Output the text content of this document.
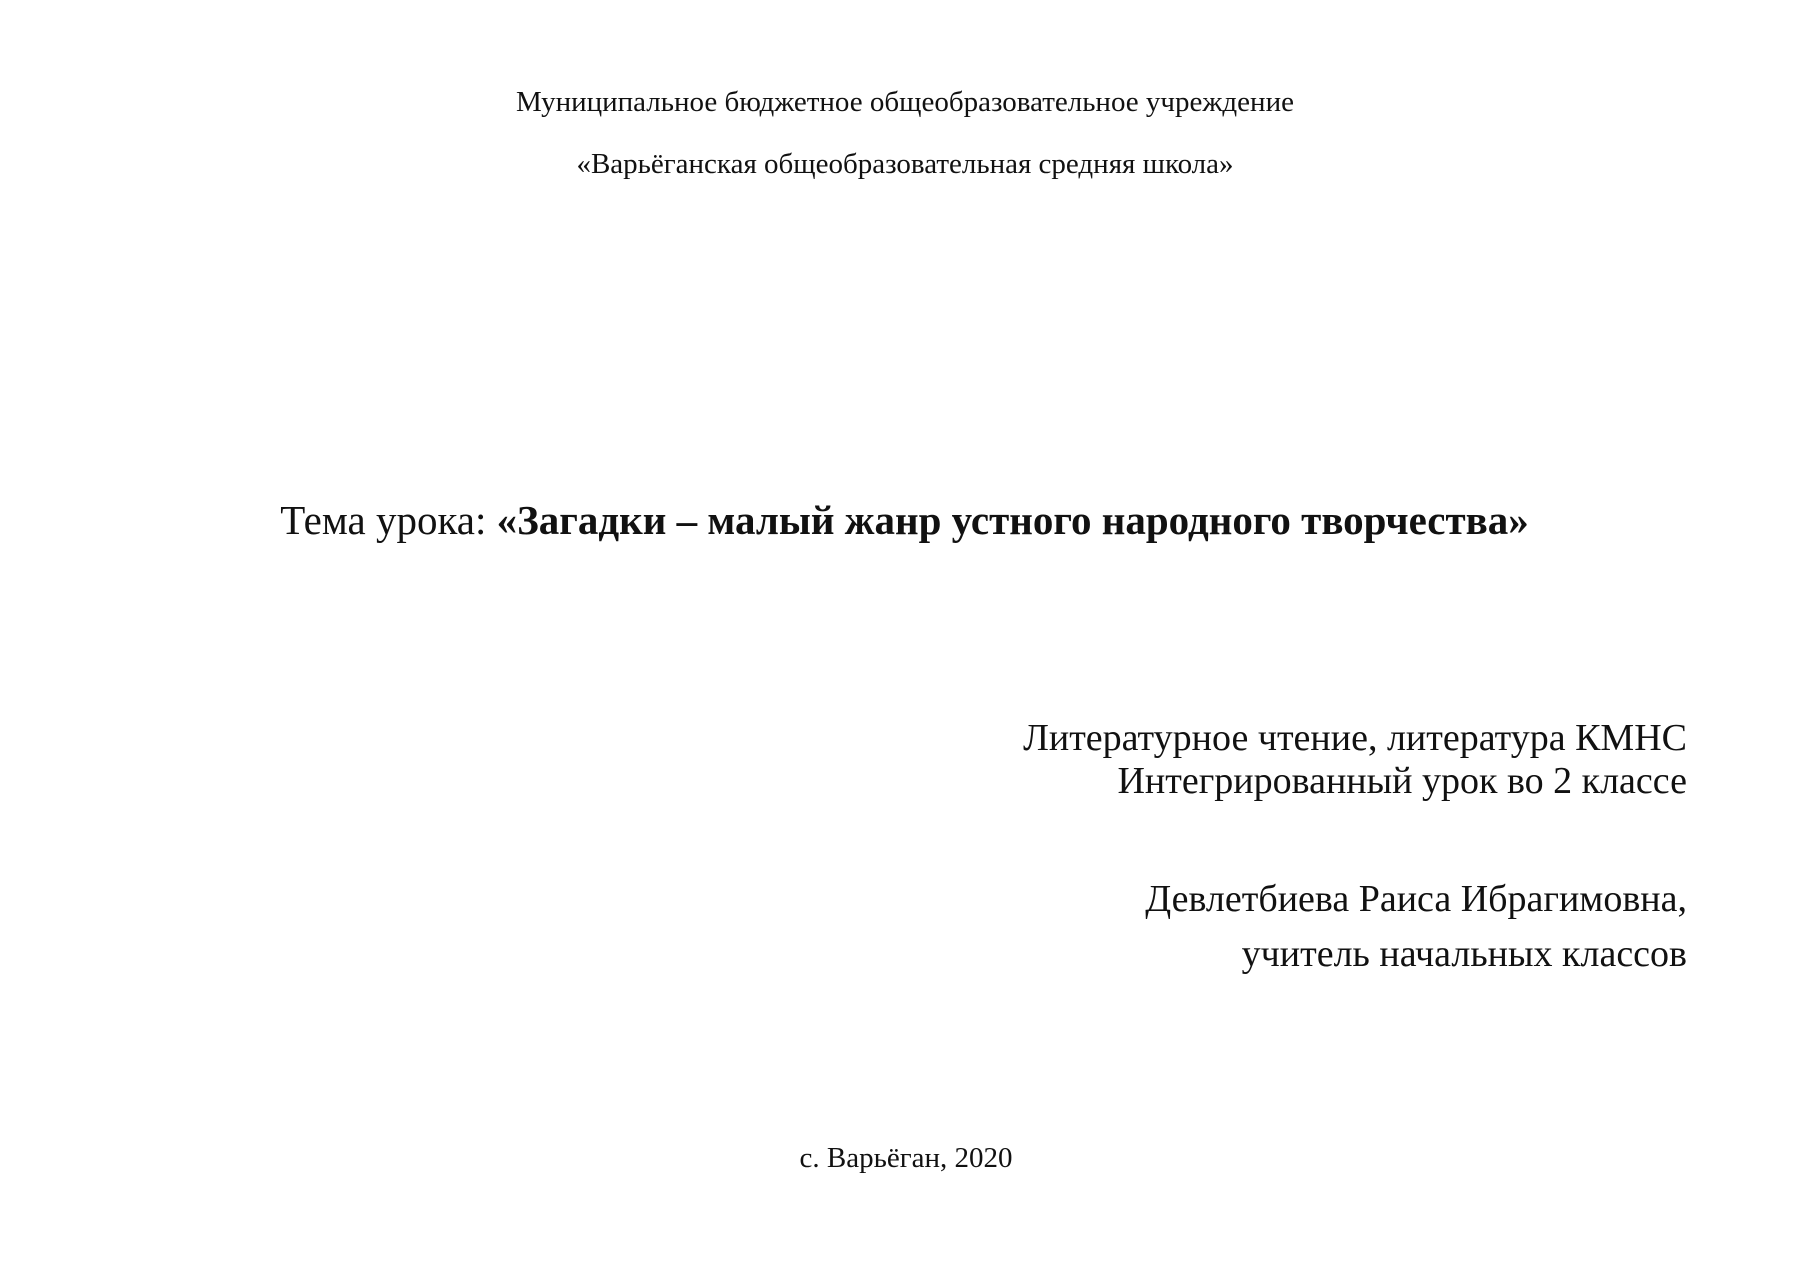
Муниципальное бюджетное общеобразовательное учреждение
«Варьёганская общеобразовательная средняя школа»
Тема урока: «Загадки – малый жанр устного народного творчества»
Литературное чтение, литература КМНС
Интегрированный урок во 2 классе
Девлетбиева Раиса Ибрагимовна,
учитель начальных классов
с. Варьёган, 2020
